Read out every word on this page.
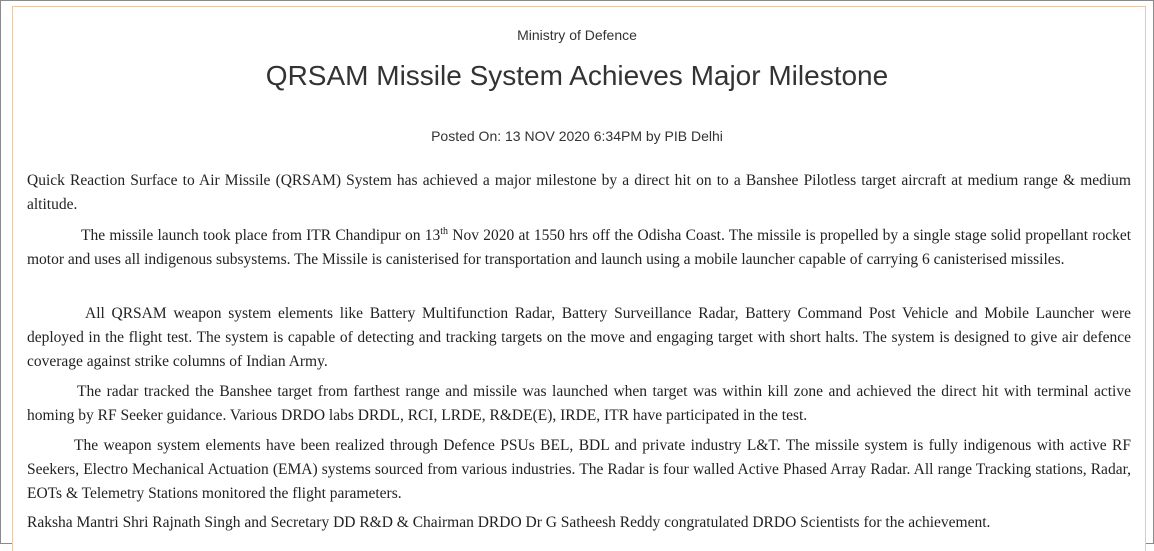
Ministry of Defence
QRSAM Missile System Achieves Major Milestone
Posted On: 13 NOV 2020 6:34PM by PIB Delhi

Quick Reaction Surface to Air Missile (QRSAM) System has achieved a major milestone by a direct hit on to a Banshee Pilotless target aircraft at medium range & medium altitude.

The missile launch took place from ITR Chandipur on 13th Nov 2020 at 1550 hrs off the Odisha Coast. The missile is propelled by a single stage solid propellant rocket motor and uses all indigenous subsystems. The Missile is canisterised for transportation and launch using a mobile launcher capable of carrying 6 canisterised missiles.

All QRSAM weapon system elements like Battery Multifunction Radar, Battery Surveillance Radar, Battery Command Post Vehicle and Mobile Launcher were deployed in the flight test. The system is capable of detecting and tracking targets on the move and engaging target with short halts. The system is designed to give air defence coverage against strike columns of Indian Army.

The radar tracked the Banshee target from farthest range and missile was launched when target was within kill zone and achieved the direct hit with terminal active homing by RF Seeker guidance. Various DRDO labs DRDL, RCI, LRDE, R&DE(E), IRDE, ITR have participated in the test.

The weapon system elements have been realized through Defence PSUs BEL, BDL and private industry L&T. The missile system is fully indigenous with active RF Seekers, Electro Mechanical Actuation (EMA) systems sourced from various industries. The Radar is four walled Active Phased Array Radar. All range Tracking stations, Radar, EOTs & Telemetry Stations monitored the flight parameters.

Raksha Mantri Shri Rajnath Singh and Secretary DD R&D & Chairman DRDO Dr G Satheesh Reddy congratulated DRDO Scientists for the achievement.
